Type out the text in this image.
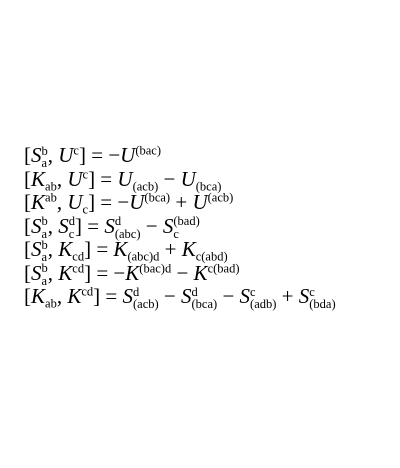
[S b
a , $U^c] = -U^{(bac)}$
[$K_{ab}$, $U^c] = U_{(acb)} - U_{(bca)}$
[$K^{ab}$, $U_c] = -U^{(bca)} + U^{(acb)}$
[S b
a , S d
c ] = S d
(abc) − S (bad)
c
[S b
a , $K_{cd}] = K_{(abc)d} + K_{c(abd)}$
[S b
a , $K^{cd}] = -K^{(bac)d} - K^{c(bad)}$
[$K_{ab}$, $K^{cd}] = S$ d
(acb) − S d
(bca) − S c
(adb) + S c
(bda)
